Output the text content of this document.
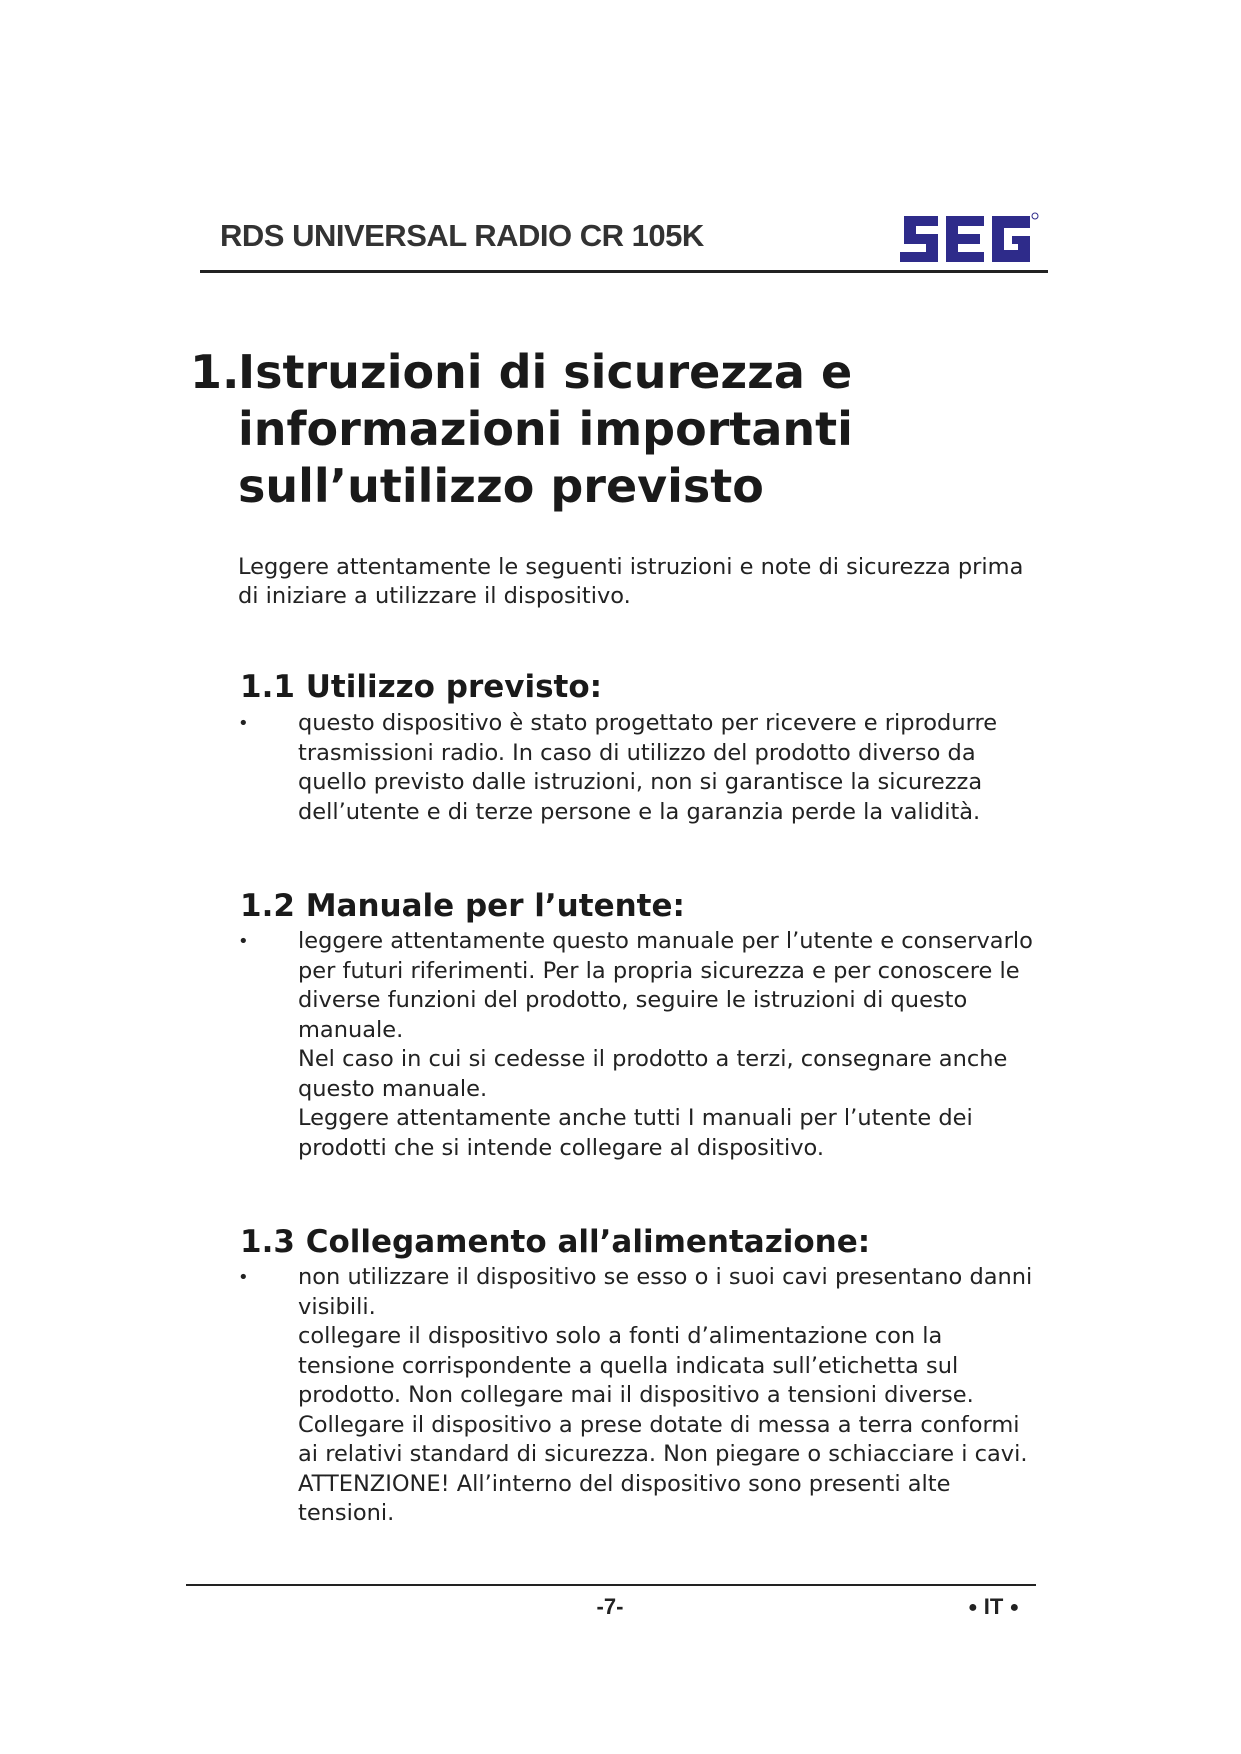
RDS UNIVERSAL RADIO CR 105K
1.Istruzioni di sicurezza e
informazioni importanti
sull’utilizzo previsto
Leggere attentamente le seguenti istruzioni e note di sicurezza prima
di iniziare a utilizzare il dispositivo.
1.1 Utilizzo previsto:
• questo dispositivo è stato progettato per ricevere e riprodurre
trasmissioni radio. In caso di utilizzo del prodotto diverso da
quello previsto dalle istruzioni, non si garantisce la sicurezza
dell’utente e di terze persone e la garanzia perde la validità.
1.2 Manuale per l’utente:
• leggere attentamente questo manuale per l’utente e conservarlo
per futuri riferimenti. Per la propria sicurezza e per conoscere le
diverse funzioni del prodotto, seguire le istruzioni di questo
manuale.
Nel caso in cui si cedesse il prodotto a terzi, consegnare anche
questo manuale.
Leggere attentamente anche tutti I manuali per l’utente dei
prodotti che si intende collegare al dispositivo.
1.3 Collegamento all’alimentazione:
• non utilizzare il dispositivo se esso o i suoi cavi presentano danni
visibili.
collegare il dispositivo solo a fonti d’alimentazione con la
tensione corrispondente a quella indicata sull’etichetta sul
prodotto. Non collegare mai il dispositivo a tensioni diverse.
Collegare il dispositivo a prese dotate di messa a terra conformi
ai relativi standard di sicurezza. Non piegare o schiacciare i cavi.
ATTENZIONE! All’interno del dispositivo sono presenti alte
tensioni.
-7-	● IT ●
